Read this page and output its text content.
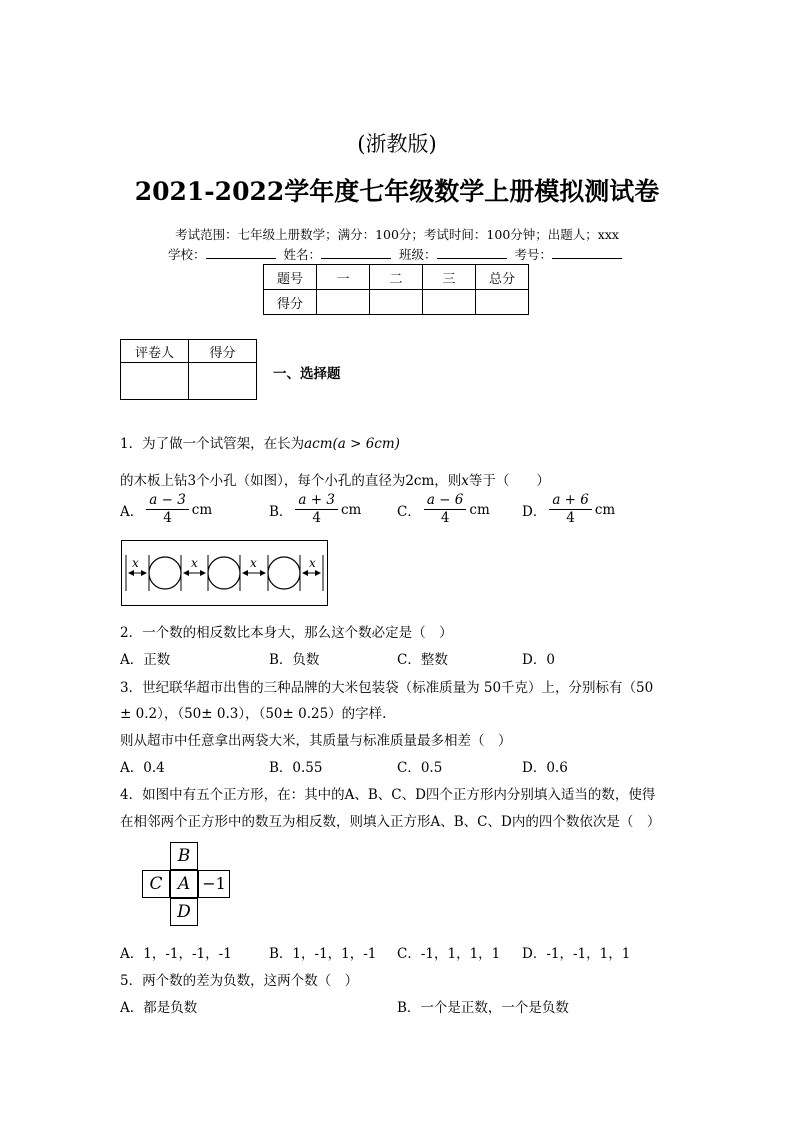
(浙教版)
2021-2022学年度七年级数学上册模拟测试卷
考试范围：七年级上册数学；满分：100分；考试时间：100分钟；出题人；xxx
学校：	姓名：	班级：	考号：
题号	一	二	三	总分
得分				
评卷人	得分

一、选择题
1．为了做一个试管架，在长为acm(a > 6cm)
的木板上钻3个小孔（如图），每个小孔的直径为2cm，则x等于（　　）
A． $\frac{a - 3}{4}$ cm	B． $\frac{a + 3}{4}$ cm	C． $\frac{a - 6}{4}$ cm D． $\frac{a + 6}{4}$ cm
x	x	x	x
2．一个数的相反数比本身大，那么这个数必定是（　）
A．正数	B．负数	C．整数	D．0
3．世纪联华超市出售的三种品牌的大米包装袋（标准质量为 50千克）上，分别标有（50
± 0.2），（50± 0.3），（50± 0.25）的字样.
则从超市中任意拿出两袋大米，其质量与标准质量最多相差（　）
A．0.4	B．0.55	C．0.5	D．0.6
4．如图中有五个正方形，在：其中的A、B、C、D四个正方形内分别填入适当的数，使得
在相邻两个正方形中的数互为相反数，则填入正方形A、B、C、D内的四个数依次是（　）
B
C A −1
D
A．1，-1，-1，-1	B．1，-1，1，-1 C．-1，1，1，1 D．-1，-1，1，1
5．两个数的差为负数，这两个数（　）
A．都是负数	B．一个是正数，一个是负数
